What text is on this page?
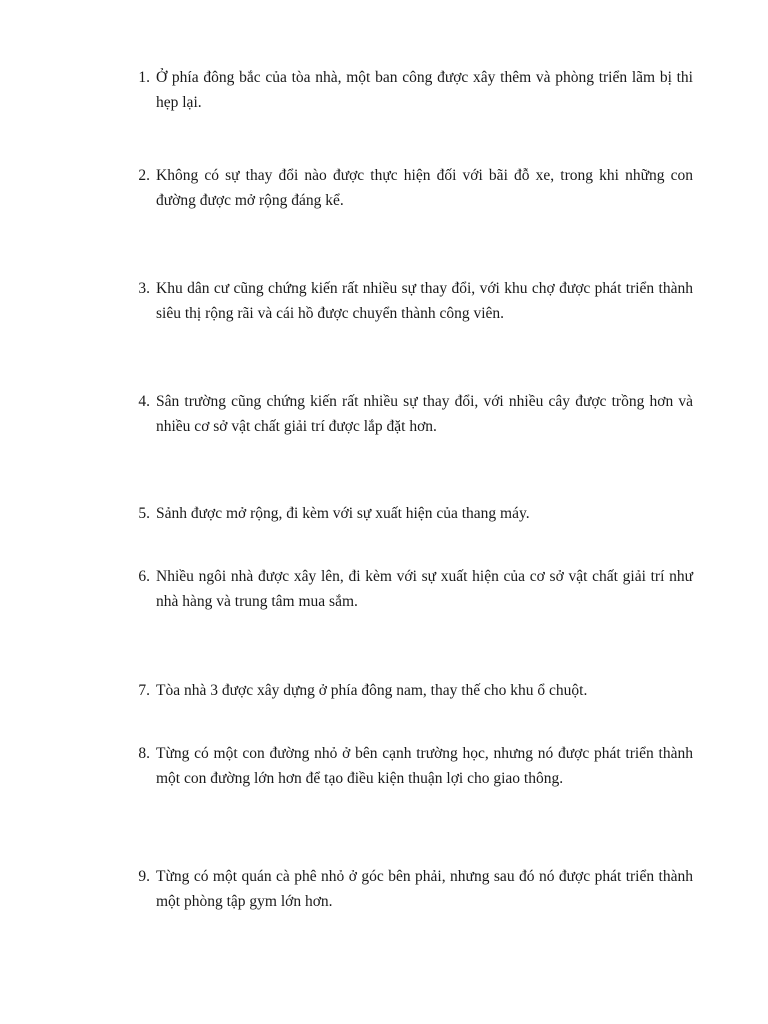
1. Ở phía đông bắc của tòa nhà, một ban công được xây thêm và phòng triển lãm bị thi hẹp lại.
2. Không có sự thay đổi nào được thực hiện đối với bãi đỗ xe, trong khi những con đường được mở rộng đáng kể.
3. Khu dân cư cũng chứng kiến rất nhiều sự thay đổi, với khu chợ được phát triển thành siêu thị rộng rãi và cái hồ được chuyển thành công viên.
4. Sân trường cũng chứng kiến rất nhiều sự thay đổi, với nhiều cây được trồng hơn và nhiều cơ sở vật chất giải trí được lắp đặt hơn.
5. Sảnh được mở rộng, đi kèm với sự xuất hiện của thang máy.
6. Nhiều ngôi nhà được xây lên, đi kèm với sự xuất hiện của cơ sở vật chất giải trí như nhà hàng và trung tâm mua sắm.
7. Tòa nhà 3 được xây dựng ở phía đông nam, thay thế cho khu ổ chuột.
8. Từng có một con đường nhỏ ở bên cạnh trường học, nhưng nó được phát triển thành một con đường lớn hơn để tạo điều kiện thuận lợi cho giao thông.
9. Từng có một quán cà phê nhỏ ở góc bên phải, nhưng sau đó nó được phát triển thành một phòng tập gym lớn hơn.
